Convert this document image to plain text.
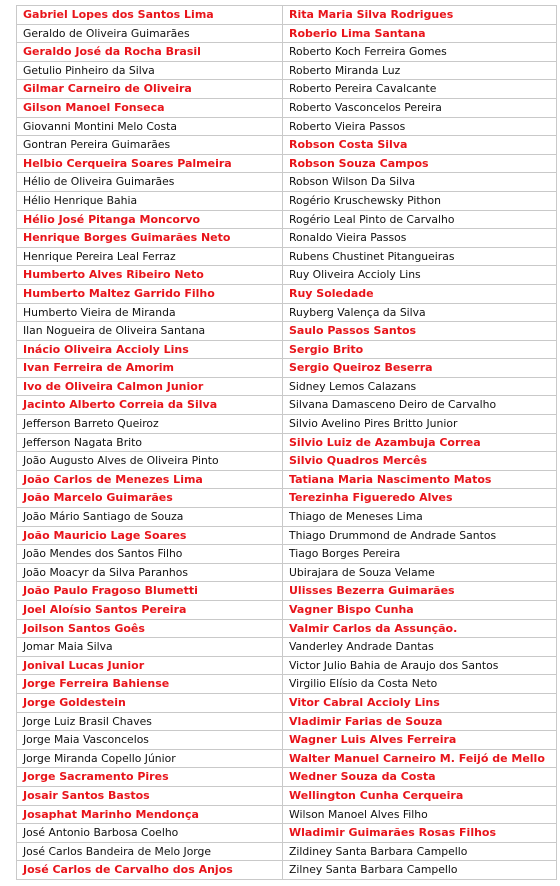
Gabriel Lopes dos Santos Lima	Rita Maria Silva Rodrigues
Geraldo de Oliveira Guimarães	Roberio Lima Santana
Geraldo José da Rocha Brasil	Roberto Koch Ferreira Gomes
Getulio Pinheiro da Silva	Roberto Miranda Luz
Gilmar Carneiro de Oliveira	Roberto Pereira Cavalcante
Gilson Manoel Fonseca	Roberto Vasconcelos Pereira
Giovanni Montini Melo Costa	Roberto Vieira Passos
Gontran Pereira Guimarães	Robson Costa Silva
Helbio Cerqueira Soares Palmeira	Robson Souza Campos
Hélio de Oliveira Guimarães	Robson Wilson Da Silva
Hélio Henrique Bahia	Rogério Kruschewsky Pithon
Hélio José Pitanga Moncorvo	Rogério Leal Pinto de Carvalho
Henrique Borges Guimarães Neto	Ronaldo Vieira Passos
Henrique Pereira Leal Ferraz	Rubens Chustinet Pitangueiras
Humberto Alves Ribeiro Neto	Ruy Oliveira Accioly Lins
Humberto Maltez Garrido Filho	Ruy Soledade
Humberto Vieira de Miranda	Ruyberg Valença da Silva
Ilan Nogueira de Oliveira Santana	Saulo Passos Santos
Inácio Oliveira Accioly Lins	Sergio Brito
Ivan Ferreira de Amorim	Sergio Queiroz Beserra
Ivo de Oliveira Calmon Junior	Sidney Lemos Calazans
Jacinto Alberto Correia da Silva	Silvana Damasceno Deiro de Carvalho
Jefferson Barreto Queiroz	Silvio Avelino Pires Britto Junior
Jefferson Nagata Brito	Silvio Luiz de Azambuja Correa
João Augusto Alves de Oliveira Pinto	Silvio Quadros Mercês
João Carlos de Menezes Lima	Tatiana Maria Nascimento Matos
João Marcelo Guimarães	Terezinha Figueredo Alves
João Mário Santiago de Souza	Thiago de Meneses Lima
João Mauricio Lage Soares	Thiago Drummond de Andrade Santos
João Mendes dos Santos Filho	Tiago Borges Pereira
João Moacyr da Silva Paranhos	Ubirajara de Souza Velame
João Paulo Fragoso Blumetti	Ulisses Bezerra Guimarães
Joel Aloísio Santos Pereira	Vagner Bispo Cunha
Joilson Santos Goês	Valmir Carlos da Assunção.
Jomar Maia Silva	Vanderley Andrade Dantas
Jonival Lucas Junior	Victor Julio Bahia de Araujo dos Santos
Jorge Ferreira Bahiense	Virgilio Elísio da Costa Neto
Jorge Goldestein	Vitor Cabral Accioly Lins
Jorge Luiz Brasil Chaves	Vladimir Farias de Souza
Jorge Maia Vasconcelos	Wagner Luis Alves Ferreira
Jorge Miranda Copello Júnior	Walter Manuel Carneiro M. Feijó de Mello
Jorge Sacramento Pires	Wedner Souza da Costa
Josair Santos Bastos	Wellington Cunha Cerqueira
Josaphat Marinho Mendonça	Wilson Manoel Alves Filho
José Antonio Barbosa Coelho	Wladimir Guimarães Rosas Filhos
José Carlos Bandeira de Melo Jorge	Zildiney Santa Barbara Campello
José Carlos de Carvalho dos Anjos	Zilney Santa Barbara Campello
